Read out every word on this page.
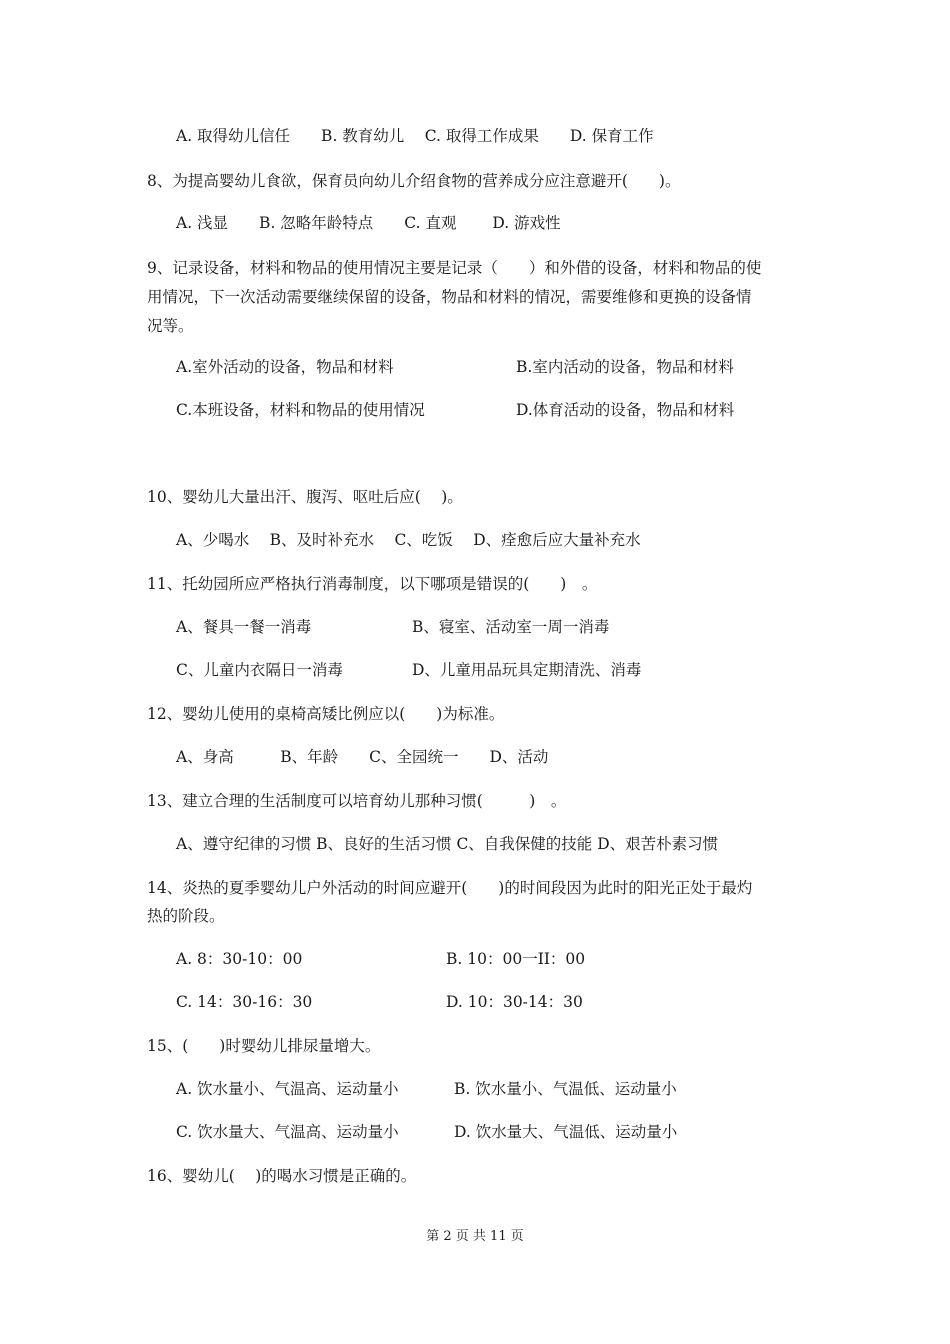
A. 取得幼儿信任　　B. 教育幼儿　 C. 取得工作成果　　D. 保育工作
8、为提高婴幼儿食欲，保育员向幼儿介绍食物的营养成分应注意避开(　　)。
A. 浅显　　B. 忽略年龄特点　　C. 直观　　 D. 游戏性
9、记录设备，材料和物品的使用情况主要是记录（　　）和外借的设备，材料和物品的使
用情况，下一次活动需要继续保留的设备，物品和材料的情况，需要维修和更换的设备情
况等。
A.室外活动的设备，物品和材料	B.室内活动的设备，物品和材料
C.本班设备，材料和物品的使用情况	D.体育活动的设备，物品和材料
10、婴幼儿大量出汗、腹泻、呕吐后应(　 )。
A、少喝水　 B、及时补充水　 C、吃饭　 D、痊愈后应大量补充水
11、托幼园所应严格执行消毒制度，以下哪项是错误的(　　)　。
A、餐具一餐一消毒	B、寝室、活动室一周一消毒
C、儿童内衣隔日一消毒	D、儿童用品玩具定期清洗、消毒
12、婴幼儿使用的桌椅高矮比例应以(　　)为标准。
A、身高　　　B、年龄　　C、全园统一　　D、活动
13、建立合理的生活制度可以培育幼儿那种习惯(　　　)　。
A、遵守纪律的习惯 B、良好的生活习惯 C、自我保健的技能 D、艰苦朴素习惯
14、炎热的夏季婴幼儿户外活动的时间应避开(　　)的时间段因为此时的阳光正处于最灼
热的阶段。
A. 8：30-10：00	B. 10：00一II：00
C. 14：30-16：30	D. 10：30-14：30
15、(　　)时婴幼儿排尿量增大。
A. 饮水量小、气温高、运动量小	B. 饮水量小、气温低、运动量小
C. 饮水量大、气温高、运动量小	D. 饮水量大、气温低、运动量小
16、婴幼儿(　 )的喝水习惯是正确的。
第 2 页 共 11 页
